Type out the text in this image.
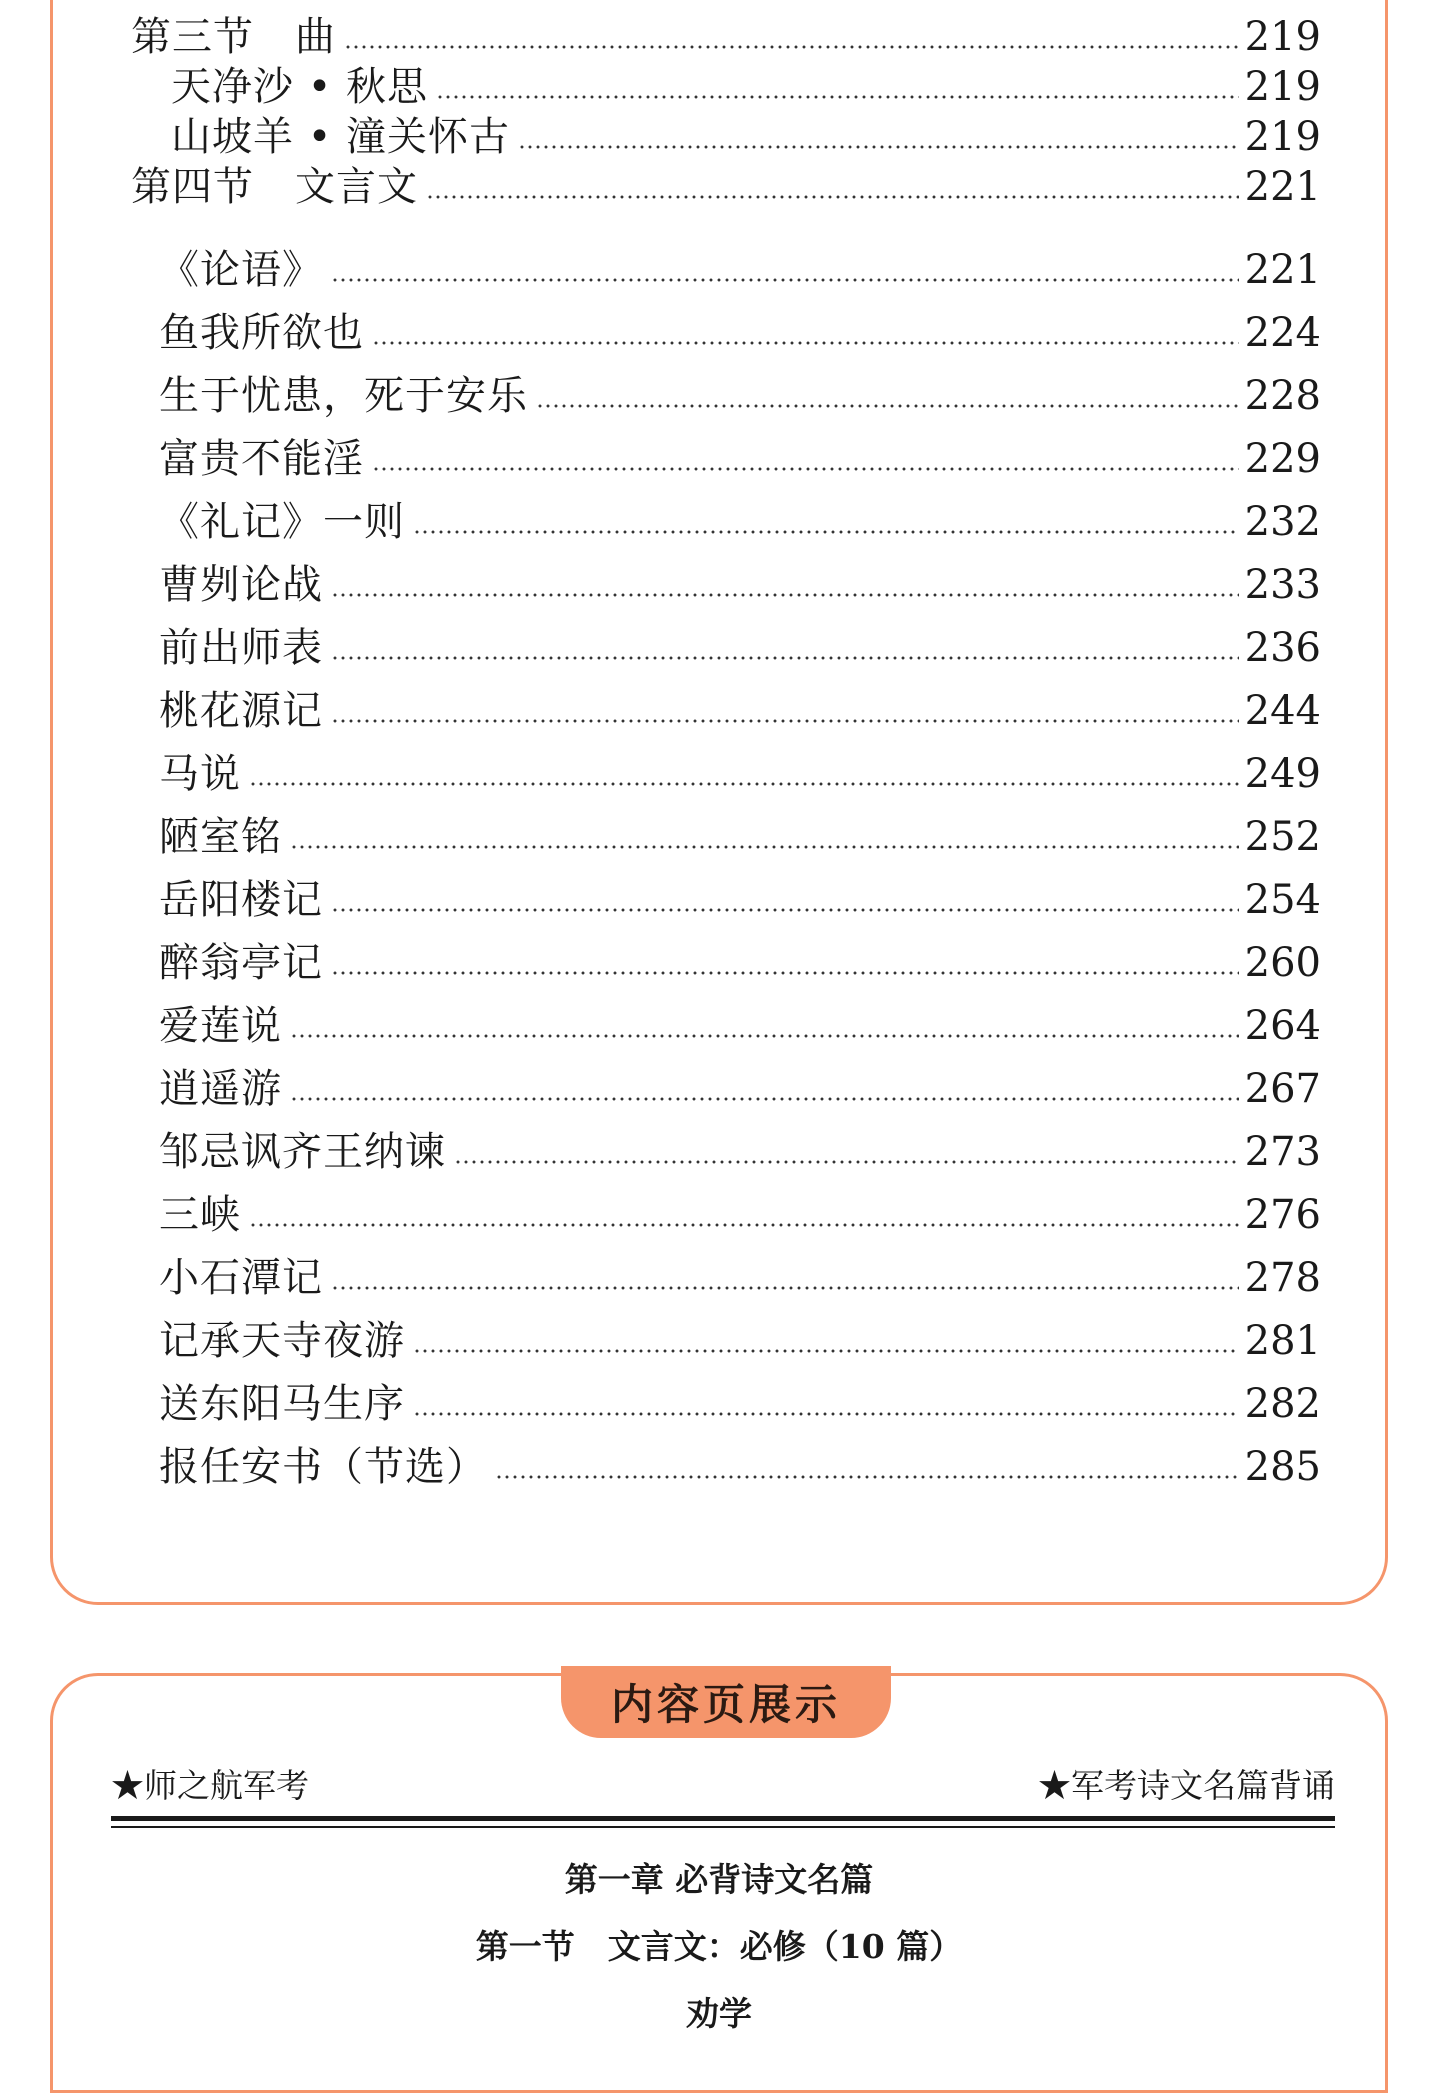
第三节　曲	219
天净沙 • 秋思	219
山坡羊 • 潼关怀古	219
第四节　文言文	221
《论语》	221
鱼我所欲也	224
生于忧患，死于安乐	228
富贵不能淫	229
《礼记》一则	232
曹刿论战	233
前出师表	236
桃花源记	244
马说	249
陋室铭	252
岳阳楼记	254
醉翁亭记	260
爱莲说	264
逍遥游	267
邹忌讽齐王纳谏	273
三峡	276
小石潭记	278
记承天寺夜游	281
送东阳马生序	282
报任安书（节选）	285
内容页展示
★师之航军考	★军考诗文名篇背诵
第一章 必背诗文名篇
第一节　文言文：必修（10 篇）
劝学
